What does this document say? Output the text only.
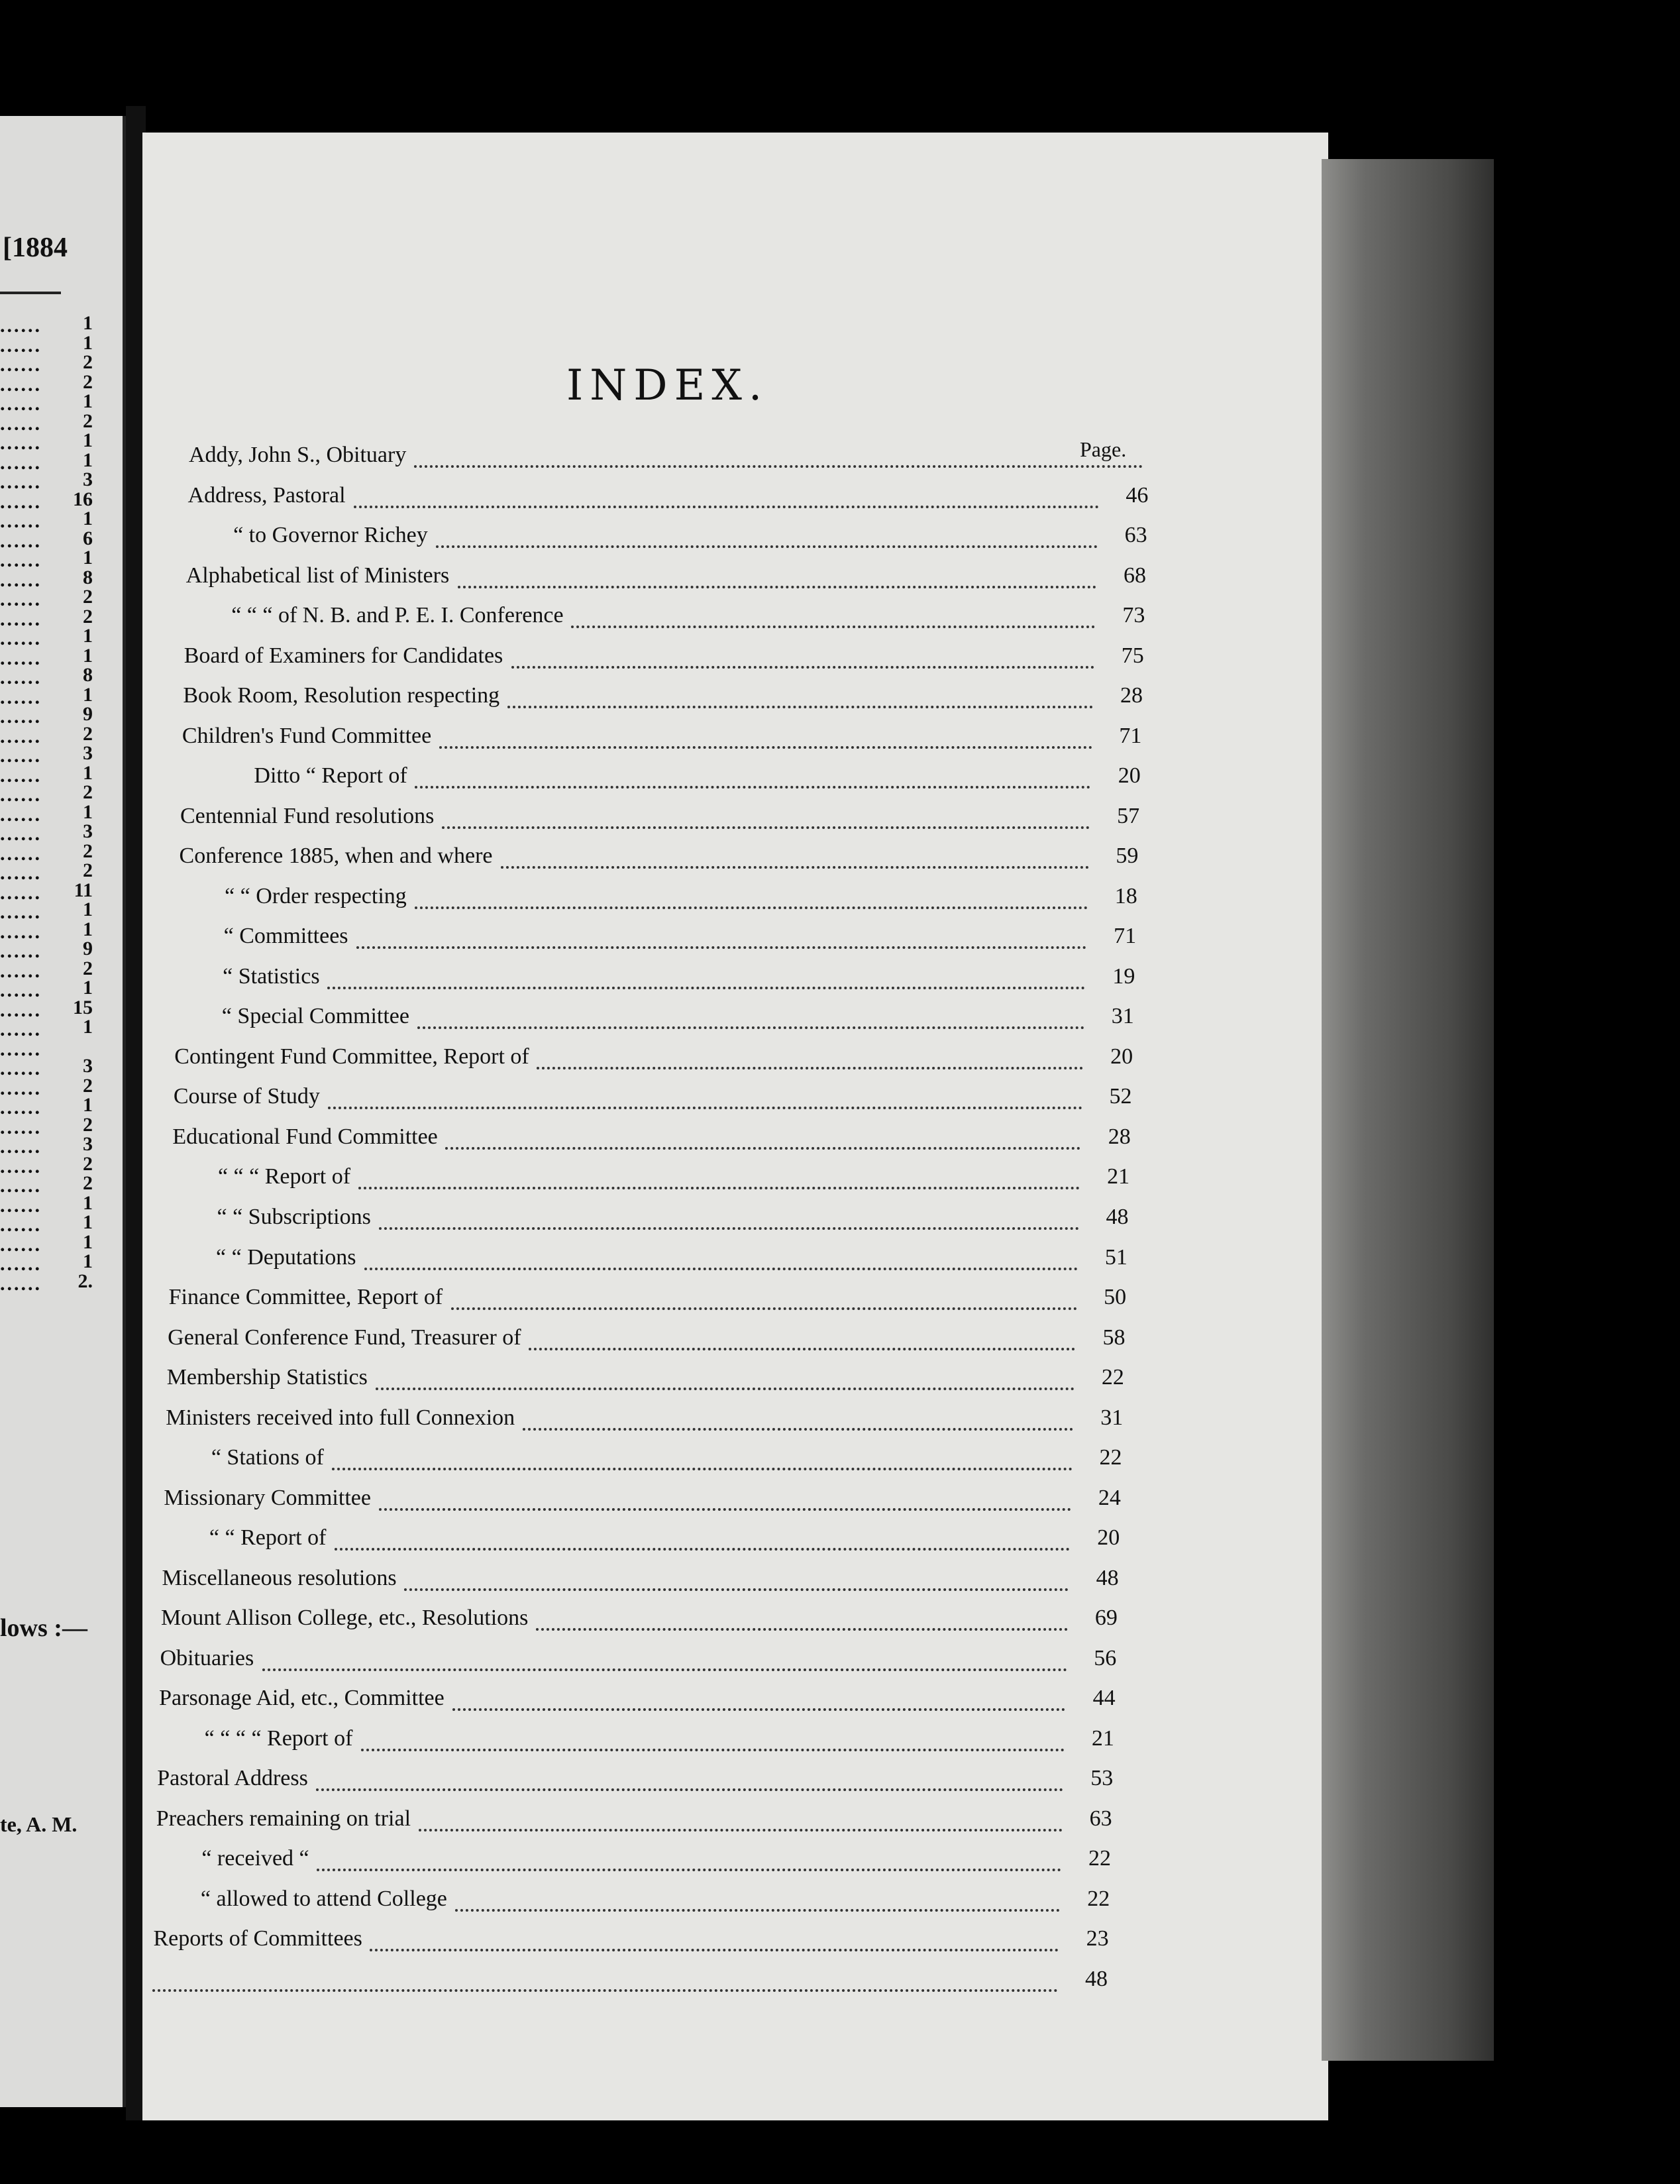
[1884
...... 1
...... 1
...... 2
...... 2
...... 1
...... 2
...... 1
...... 1
...... 3
...... 16
...... 1
...... 6
...... 1
...... 8
...... 2
...... 2
...... 1
...... 1
...... 8
...... 1
...... 9
...... 2
...... 3
...... 1
...... 2
...... 1
...... 3
...... 2
...... 2
...... 11
...... 1
...... 1
...... 9
...... 2
...... 1
...... 15
...... 1
......
...... 3
...... 2
...... 1
...... 2
...... 3
...... 2
...... 2
...... 1
...... 1
...... 1
...... 1
...... 2.
lows :—
te, A. M.
INDEX.
Page.
Addy, John S., Obituary
Address, Pastoral	46
“ to Governor Richey	63
Alphabetical list of Ministers	68
“ “ “ of N. B. and P. E. I. Conference	73
Board of Examiners for Candidates	75
Book Room, Resolution respecting	28
Children's Fund Committee	71
Ditto “ Report of	20
Centennial Fund resolutions	57
Conference 1885, when and where	59
“ “ Order respecting	18
“ Committees	71
“ Statistics	19
“ Special Committee	31
Contingent Fund Committee, Report of	20
Course of Study	52
Educational Fund Committee	28
“ “ “ Report of	21
“ “ Subscriptions	48
“ “ Deputations	51
Finance Committee, Report of	50
General Conference Fund, Treasurer of	58
Membership Statistics	22
Ministers received into full Connexion	31
“ Stations of	22
Missionary Committee	24
“ “ Report of	20
Miscellaneous resolutions	48
Mount Allison College, etc., Resolutions	69
Obituaries	56
Parsonage Aid, etc., Committee	44
“ “ “ “ Report of	21
Pastoral Address	53
Preachers remaining on trial	63
“ received “	22
“ allowed to attend College	22
Reports of Committees	23
48
